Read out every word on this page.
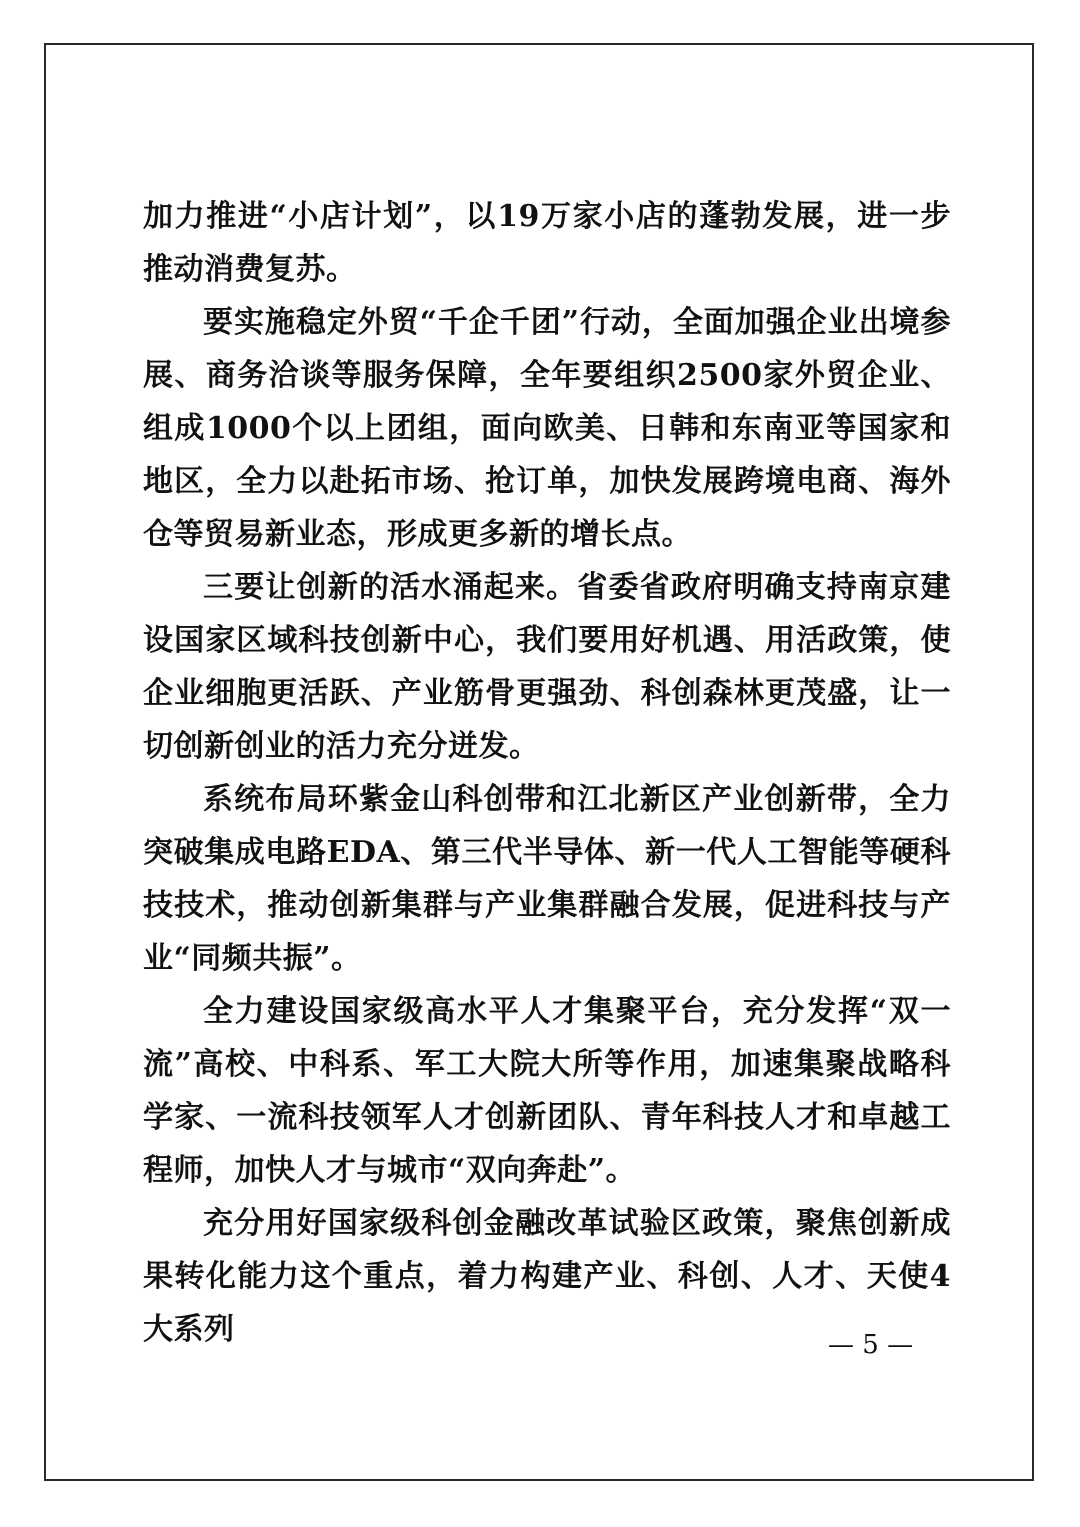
加力推进“小店计划”，以19万家小店的蓬勃发展，进一步推动消费复苏。

要实施稳定外贸“千企千团”行动，全面加强企业出境参展、商务洽谈等服务保障，全年要组织2500家外贸企业、组成1000个以上团组，面向欧美、日韩和东南亚等国家和地区，全力以赴拓市场、抢订单，加快发展跨境电商、海外仓等贸易新业态，形成更多新的增长点。

三要让创新的活水涌起来。省委省政府明确支持南京建设国家区域科技创新中心，我们要用好机遇、用活政策，使企业细胞更活跃、产业筋骨更强劲、科创森林更茂盛，让一切创新创业的活力充分迸发。

系统布局环紫金山科创带和江北新区产业创新带，全力突破集成电路EDA、第三代半导体、新一代人工智能等硬科技技术，推动创新集群与产业集群融合发展，促进科技与产业“同频共振”。

全力建设国家级高水平人才集聚平台，充分发挥“双一流”高校、中科系、军工大院大所等作用，加速集聚战略科学家、一流科技领军人才创新团队、青年科技人才和卓越工程师，加快人才与城市“双向奔赴”。

充分用好国家级科创金融改革试验区政策，聚焦创新成果转化能力这个重点，着力构建产业、科创、人才、天使4大系列	— 5 —
